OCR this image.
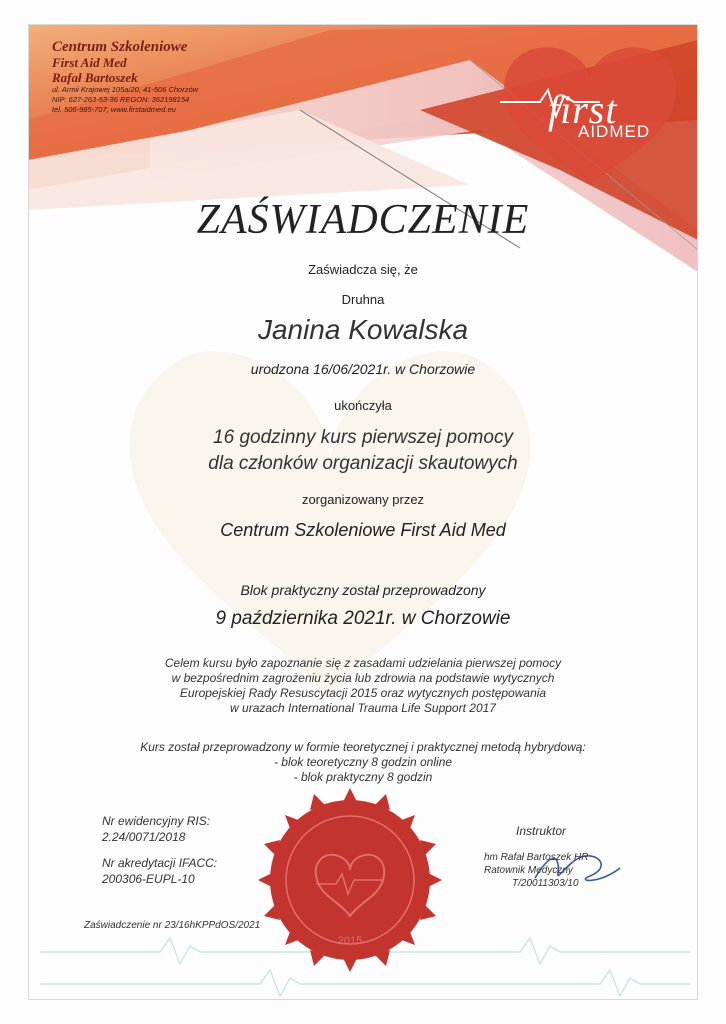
Centrum Szkoleniowe
First Aid Med
Rafał Bartoszek
ul. Armii Krajowej 105a/20, 41-506 Chorzów
NIP: 627-263-53-36 REGON: 362198154
tel. 506-985-707; www.firstaidmed.eu	first
AIDMED
ZAŚWIADCZENIE
Zaświadcza się, że
Druhna
Janina Kowalska
urodzona 16/06/2021r. w Chorzowie
ukończyła
16 godzinny kurs pierwszej pomocy
dla członków organizacji skautowych
zorganizowany przez
Centrum Szkoleniowe First Aid Med
Blok praktyczny został przeprowadzony
9 października 2021r. w Chorzowie
Celem kursu było zapoznanie się z zasadami udzielania pierwszej pomocy
w bezpośrednim zagrożeniu życia lub zdrowia na podstawie wytycznych
Europejskiej Rady Resuscytacji 2015 oraz wytycznych postępowania
w urazach International Trauma Life Support 2017
Kurs został przeprowadzony w formie teoretycznej i praktycznej metodą hybrydową:
- blok teoretyczny 8 godzin online
- blok praktyczny 8 godzin
Nr ewidencyjny RIS:
2.24/0071/2018
Nr akredytacji IFACC:
200306-EUPL-10
Zaświadczenie nr 23/16hKPPdOS/2021
2015
Instruktor
hm Rafał Bartoszek HR
Ratownik Medyczny
T/20011303/10
